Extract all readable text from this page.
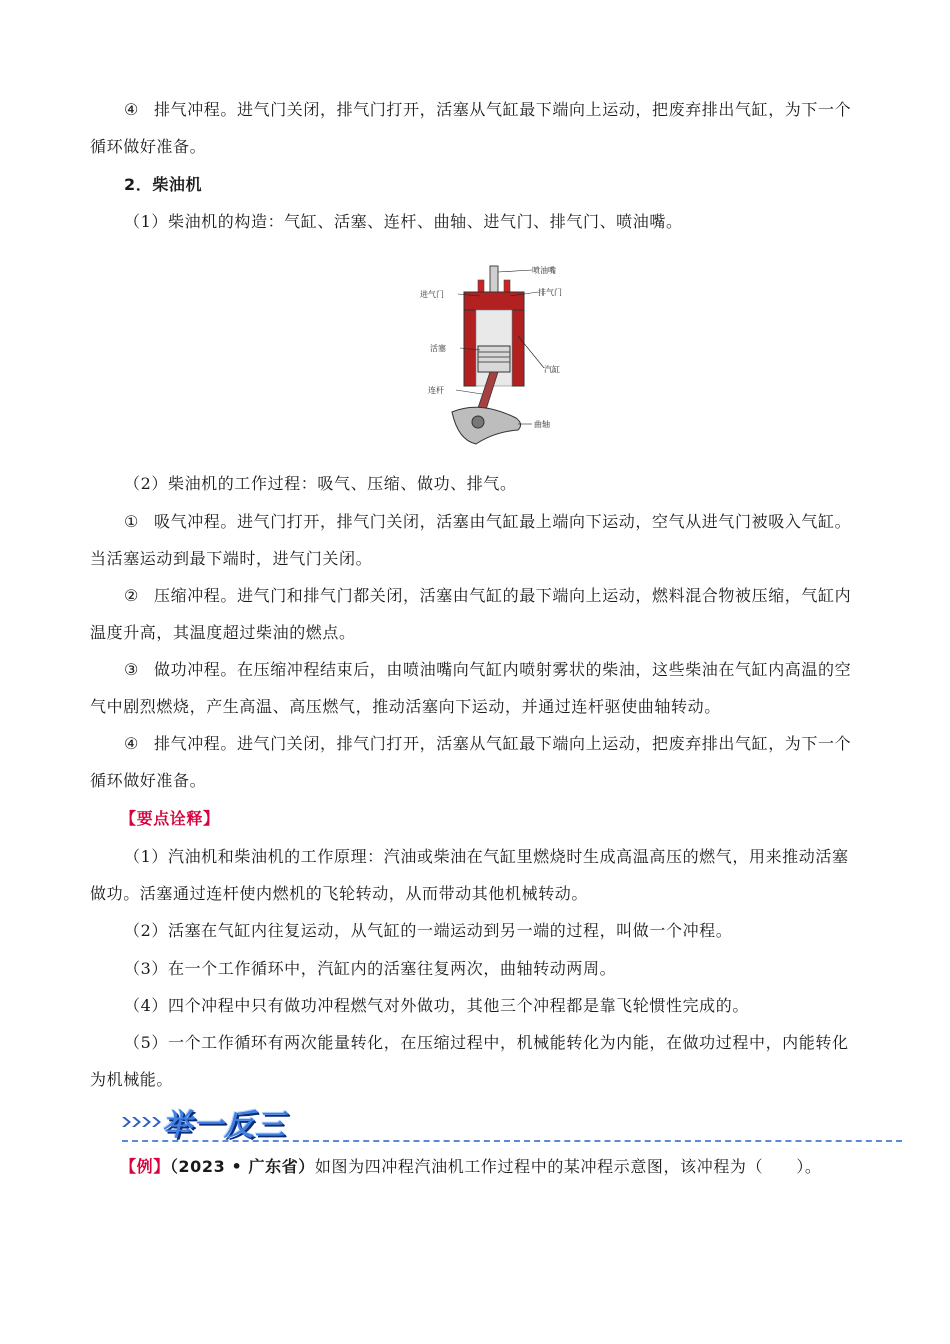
④ 排气冲程。进气门关闭，排气门打开，活塞从气缸最下端向上运动，把废弃排出气缸，为下一个循环做好准备。
2．柴油机
（1）柴油机的构造：气缸、活塞、连杆、曲轴、进气门、排气门、喷油嘴。
喷油嘴
进气门	排气门
活塞
汽缸
连杆
曲轴
（2）柴油机的工作过程：吸气、压缩、做功、排气。
① 吸气冲程。进气门打开，排气门关闭，活塞由气缸最上端向下运动，空气从进气门被吸入气缸。当活塞运动到最下端时，进气门关闭。
② 压缩冲程。进气门和排气门都关闭，活塞由气缸的最下端向上运动，燃料混合物被压缩，气缸内温度升高，其温度超过柴油的燃点。
③ 做功冲程。在压缩冲程结束后，由喷油嘴向气缸内喷射雾状的柴油，这些柴油在气缸内高温的空气中剧烈燃烧，产生高温、高压燃气，推动活塞向下运动，并通过连杆驱使曲轴转动。
④ 排气冲程。进气门关闭，排气门打开，活塞从气缸最下端向上运动，把废弃排出气缸，为下一个循环做好准备。
【要点诠释】
（1）汽油机和柴油机的工作原理：汽油或柴油在气缸里燃烧时生成高温高压的燃气，用来推动活塞做功。活塞通过连杆使内燃机的飞轮转动，从而带动其他机械转动。
（2）活塞在气缸内往复运动，从气缸的一端运动到另一端的过程，叫做一个冲程。
（3）在一个工作循环中，汽缸内的活塞往复两次，曲轴转动两周。
（4）四个冲程中只有做功冲程燃气对外做功，其他三个冲程都是靠飞轮惯性完成的。
（5）一个工作循环有两次能量转化，在压缩过程中，机械能转化为内能，在做功过程中，内能转化为机械能。
举一反三
【例】（2023 • 广东省）如图为四冲程汽油机工作过程中的某冲程示意图，该冲程为（　　）。
